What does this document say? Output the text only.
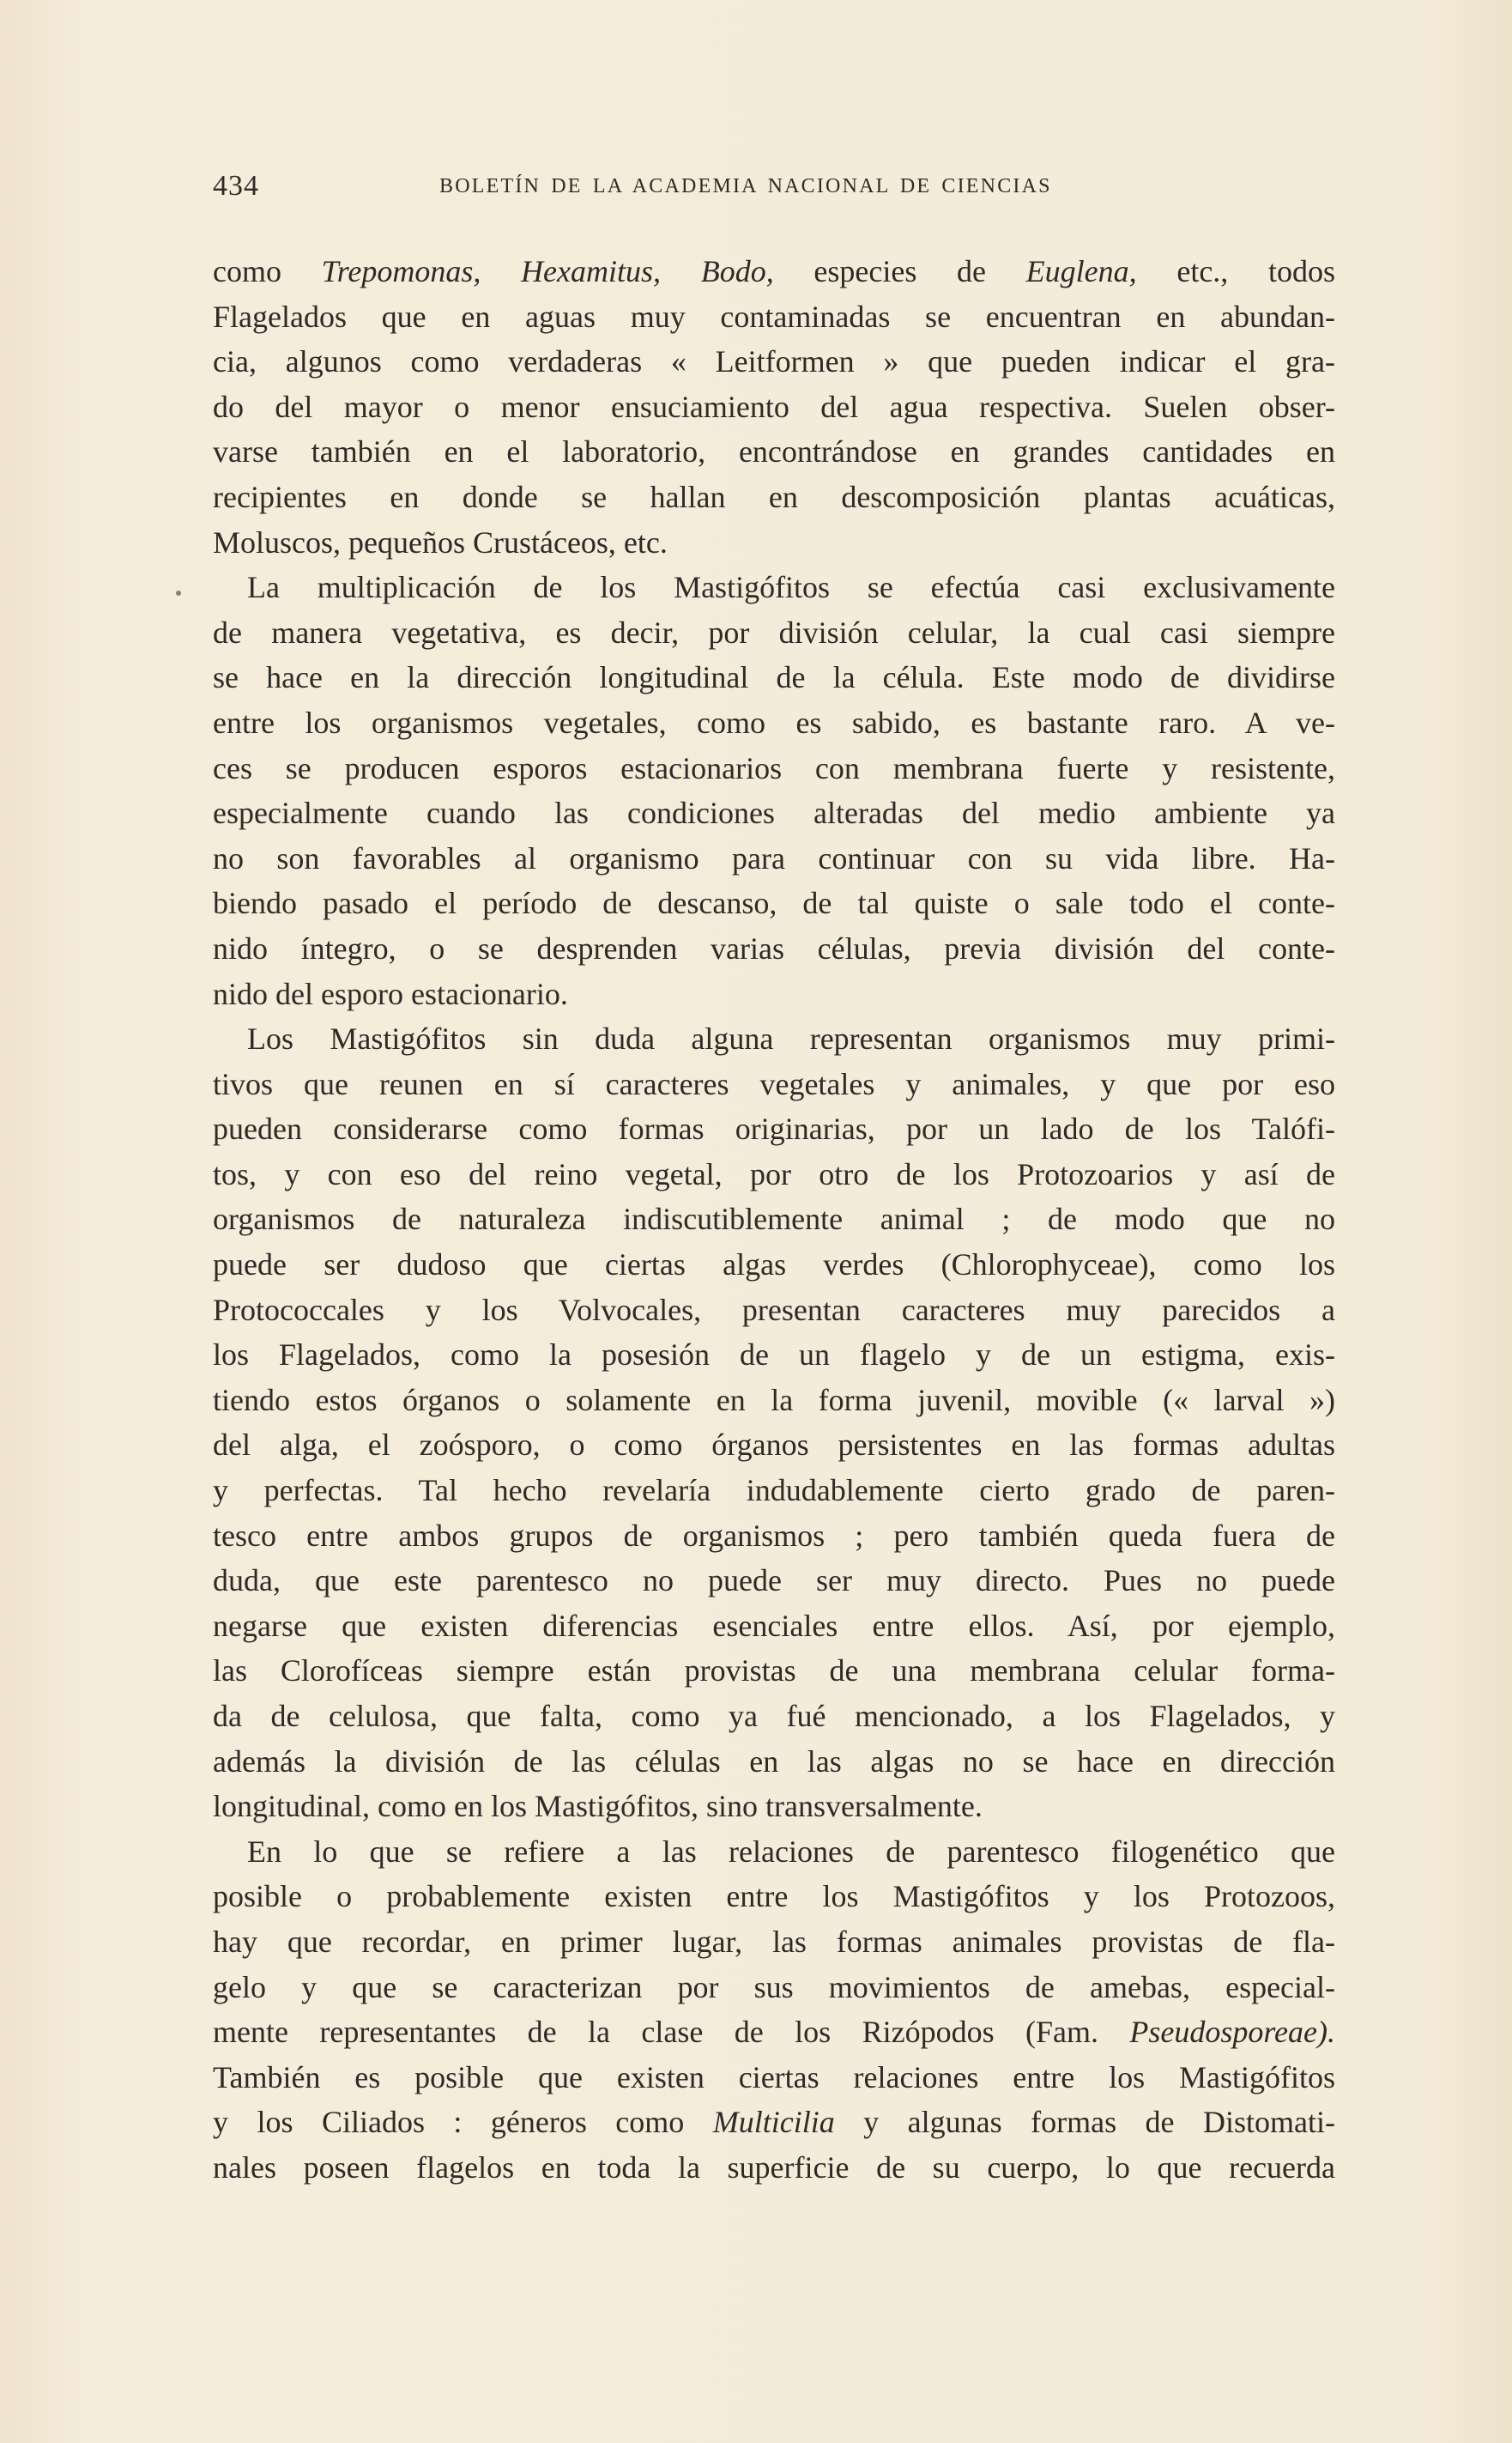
434	BOLETÍN DE LA ACADEMIA NACIONAL DE CIENCIAS
como Trepomonas, Hexamitus, Bodo, especies de Euglena, etc., todos
Flagelados que en aguas muy contaminadas se encuentran en abundan-
cia, algunos como verdaderas « Leitformen » que pueden indicar el gra-
do del mayor o menor ensuciamiento del agua respectiva. Suelen obser-
varse también en el laboratorio, encontrándose en grandes cantidades en
recipientes en donde se hallan en descomposición plantas acuáticas,
Moluscos, pequeños Crustáceos, etc.
La multiplicación de los Mastigófitos se efectúa casi exclusivamente
de manera vegetativa, es decir, por división celular, la cual casi siempre
se hace en la dirección longitudinal de la célula. Este modo de dividirse
entre los organismos vegetales, como es sabido, es bastante raro. A ve-
ces se producen esporos estacionarios con membrana fuerte y resistente,
especialmente cuando las condiciones alteradas del medio ambiente ya
no son favorables al organismo para continuar con su vida libre. Ha-
biendo pasado el período de descanso, de tal quiste o sale todo el conte-
nido íntegro, o se desprenden varias células, previa división del conte-
nido del esporo estacionario.
Los Mastigófitos sin duda alguna representan organismos muy primi-
tivos que reunen en sí caracteres vegetales y animales, y que por eso
pueden considerarse como formas originarias, por un lado de los Talófi-
tos, y con eso del reino vegetal, por otro de los Protozoarios y así de
organismos de naturaleza indiscutiblemente animal ; de modo que no
puede ser dudoso que ciertas algas verdes (Chlorophyceae), como los
Protococcales y los Volvocales, presentan caracteres muy parecidos a
los Flagelados, como la posesión de un flagelo y de un estigma, exis-
tiendo estos órganos o solamente en la forma juvenil, movible (« larval »)
del alga, el zoósporo, o como órganos persistentes en las formas adultas
y perfectas. Tal hecho revelaría indudablemente cierto grado de paren-
tesco entre ambos grupos de organismos ; pero también queda fuera de
duda, que este parentesco no puede ser muy directo. Pues no puede
negarse que existen diferencias esenciales entre ellos. Así, por ejemplo,
las Clorofíceas siempre están provistas de una membrana celular forma-
da de celulosa, que falta, como ya fué mencionado, a los Flagelados, y
además la división de las células en las algas no se hace en dirección
longitudinal, como en los Mastigófitos, sino transversalmente.
En lo que se refiere a las relaciones de parentesco filogenético que
posible o probablemente existen entre los Mastigófitos y los Protozoos,
hay que recordar, en primer lugar, las formas animales provistas de fla-
gelo y que se caracterizan por sus movimientos de amebas, especial-
mente representantes de la clase de los Rizópodos (Fam. Pseudosporeae).
También es posible que existen ciertas relaciones entre los Mastigófitos
y los Ciliados : géneros como Multicilia y algunas formas de Distomati-
nales poseen flagelos en toda la superficie de su cuerpo, lo que recuerda
